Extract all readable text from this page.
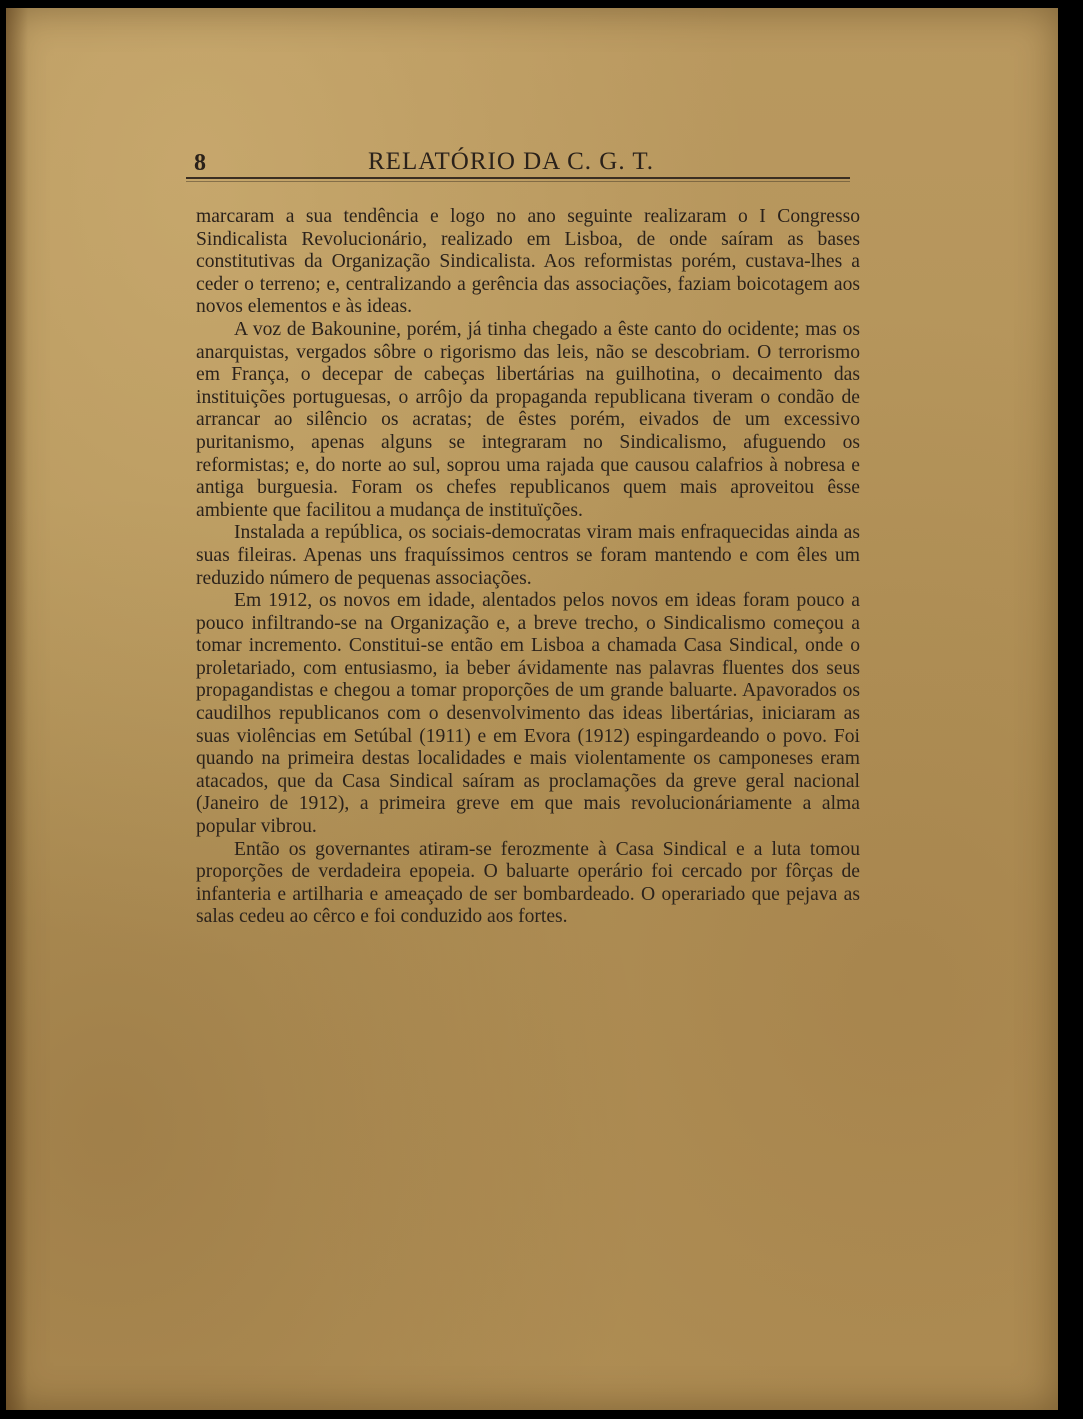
8	RELATÓRIO DA C. G. T.

marcaram a sua tendência e logo no ano seguinte realizaram o I Congresso Sindicalista Revolucionário, realizado em Lisboa, de onde saíram as bases constitutivas da Organização Sindicalista. Aos reformistas porém, custava-lhes a ceder o terreno; e, centralizando a gerência das associações, faziam boicotagem aos novos elementos e às ideas.

A voz de Bakounine, porém, já tinha chegado a êste canto do ocidente; mas os anarquistas, vergados sôbre o rigorismo das leis, não se descobriam. O terrorismo em França, o decepar de cabeças libertárias na guilhotina, o decaimento das instituições portuguesas, o arrôjo da propaganda republicana tiveram o condão de arrancar ao silêncio os acratas; de êstes porém, eivados de um excessivo puritanismo, apenas alguns se integraram no Sindicalismo, afuguendo os reformistas; e, do norte ao sul, soprou uma rajada que causou calafrios à nobresa e antiga burguesia. Foram os chefes republicanos quem mais aproveitou êsse ambiente que facilitou a mudança de instituïções.

Instalada a república, os sociais-democratas viram mais enfraquecidas ainda as suas fileiras. Apenas uns fraquíssimos centros se foram mantendo e com êles um reduzido número de pequenas associações.

Em 1912, os novos em idade, alentados pelos novos em ideas foram pouco a pouco infiltrando-se na Organização e, a breve trecho, o Sindicalismo começou a tomar incremento. Constitui-se então em Lisboa a chamada Casa Sindical, onde o proletariado, com entusiasmo, ia beber ávidamente nas palavras fluentes dos seus propagandistas e chegou a tomar proporções de um grande baluarte. Apavorados os caudilhos republicanos com o desenvolvimento das ideas libertárias, iniciaram as suas violências em Setúbal (1911) e em Evora (1912) espingardeando o povo. Foi quando na primeira destas localidades e mais violentamente os camponeses eram atacados, que da Casa Sindical saíram as proclamações da greve geral nacional (Janeiro de 1912), a primeira greve em que mais revolucionáriamente a alma popular vibrou.

Então os governantes atiram-se ferozmente à Casa Sindical e a luta tomou proporções de verdadeira epopeia. O baluarte operário foi cercado por fôrças de infanteria e artilharia e ameaçado de ser bombardeado. O operariado que pejava as salas cedeu ao cêrco e foi conduzido aos fortes.
